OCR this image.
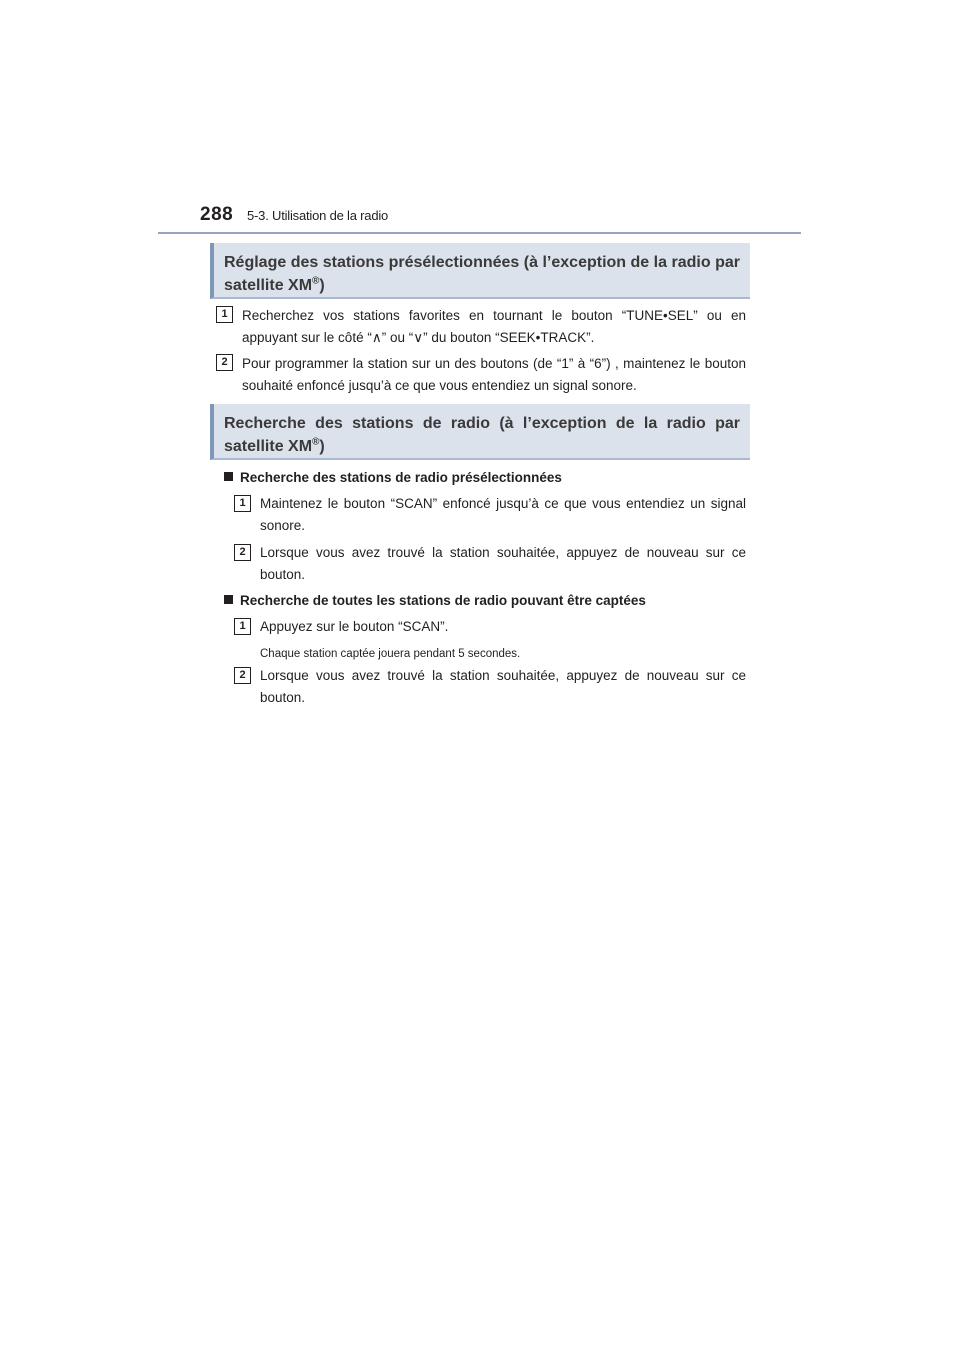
288 5-3. Utilisation de la radio
Réglage des stations présélectionnées (à l’exception de la radio par satellite XM®)
1	Recherchez vos stations favorites en tournant le bouton “TUNE•SEL” ou en appuyant sur le côté “∧” ou “∨” du bouton “SEEK•TRACK”.
2	Pour programmer la station sur un des boutons (de “1” à “6”) , maintenez le bouton souhaité enfoncé jusqu’à ce que vous entendiez un signal sonore.
Recherche des stations de radio (à l’exception de la radio par satellite XM®)
Recherche des stations de radio présélectionnées
1	Maintenez le bouton “SCAN” enfoncé jusqu’à ce que vous entendiez un signal sonore.
2	Lorsque vous avez trouvé la station souhaitée, appuyez de nouveau sur ce bouton.
Recherche de toutes les stations de radio pouvant être captées
1	Appuyez sur le bouton “SCAN”.
Chaque station captée jouera pendant 5 secondes.
2	Lorsque vous avez trouvé la station souhaitée, appuyez de nouveau sur ce bouton.
